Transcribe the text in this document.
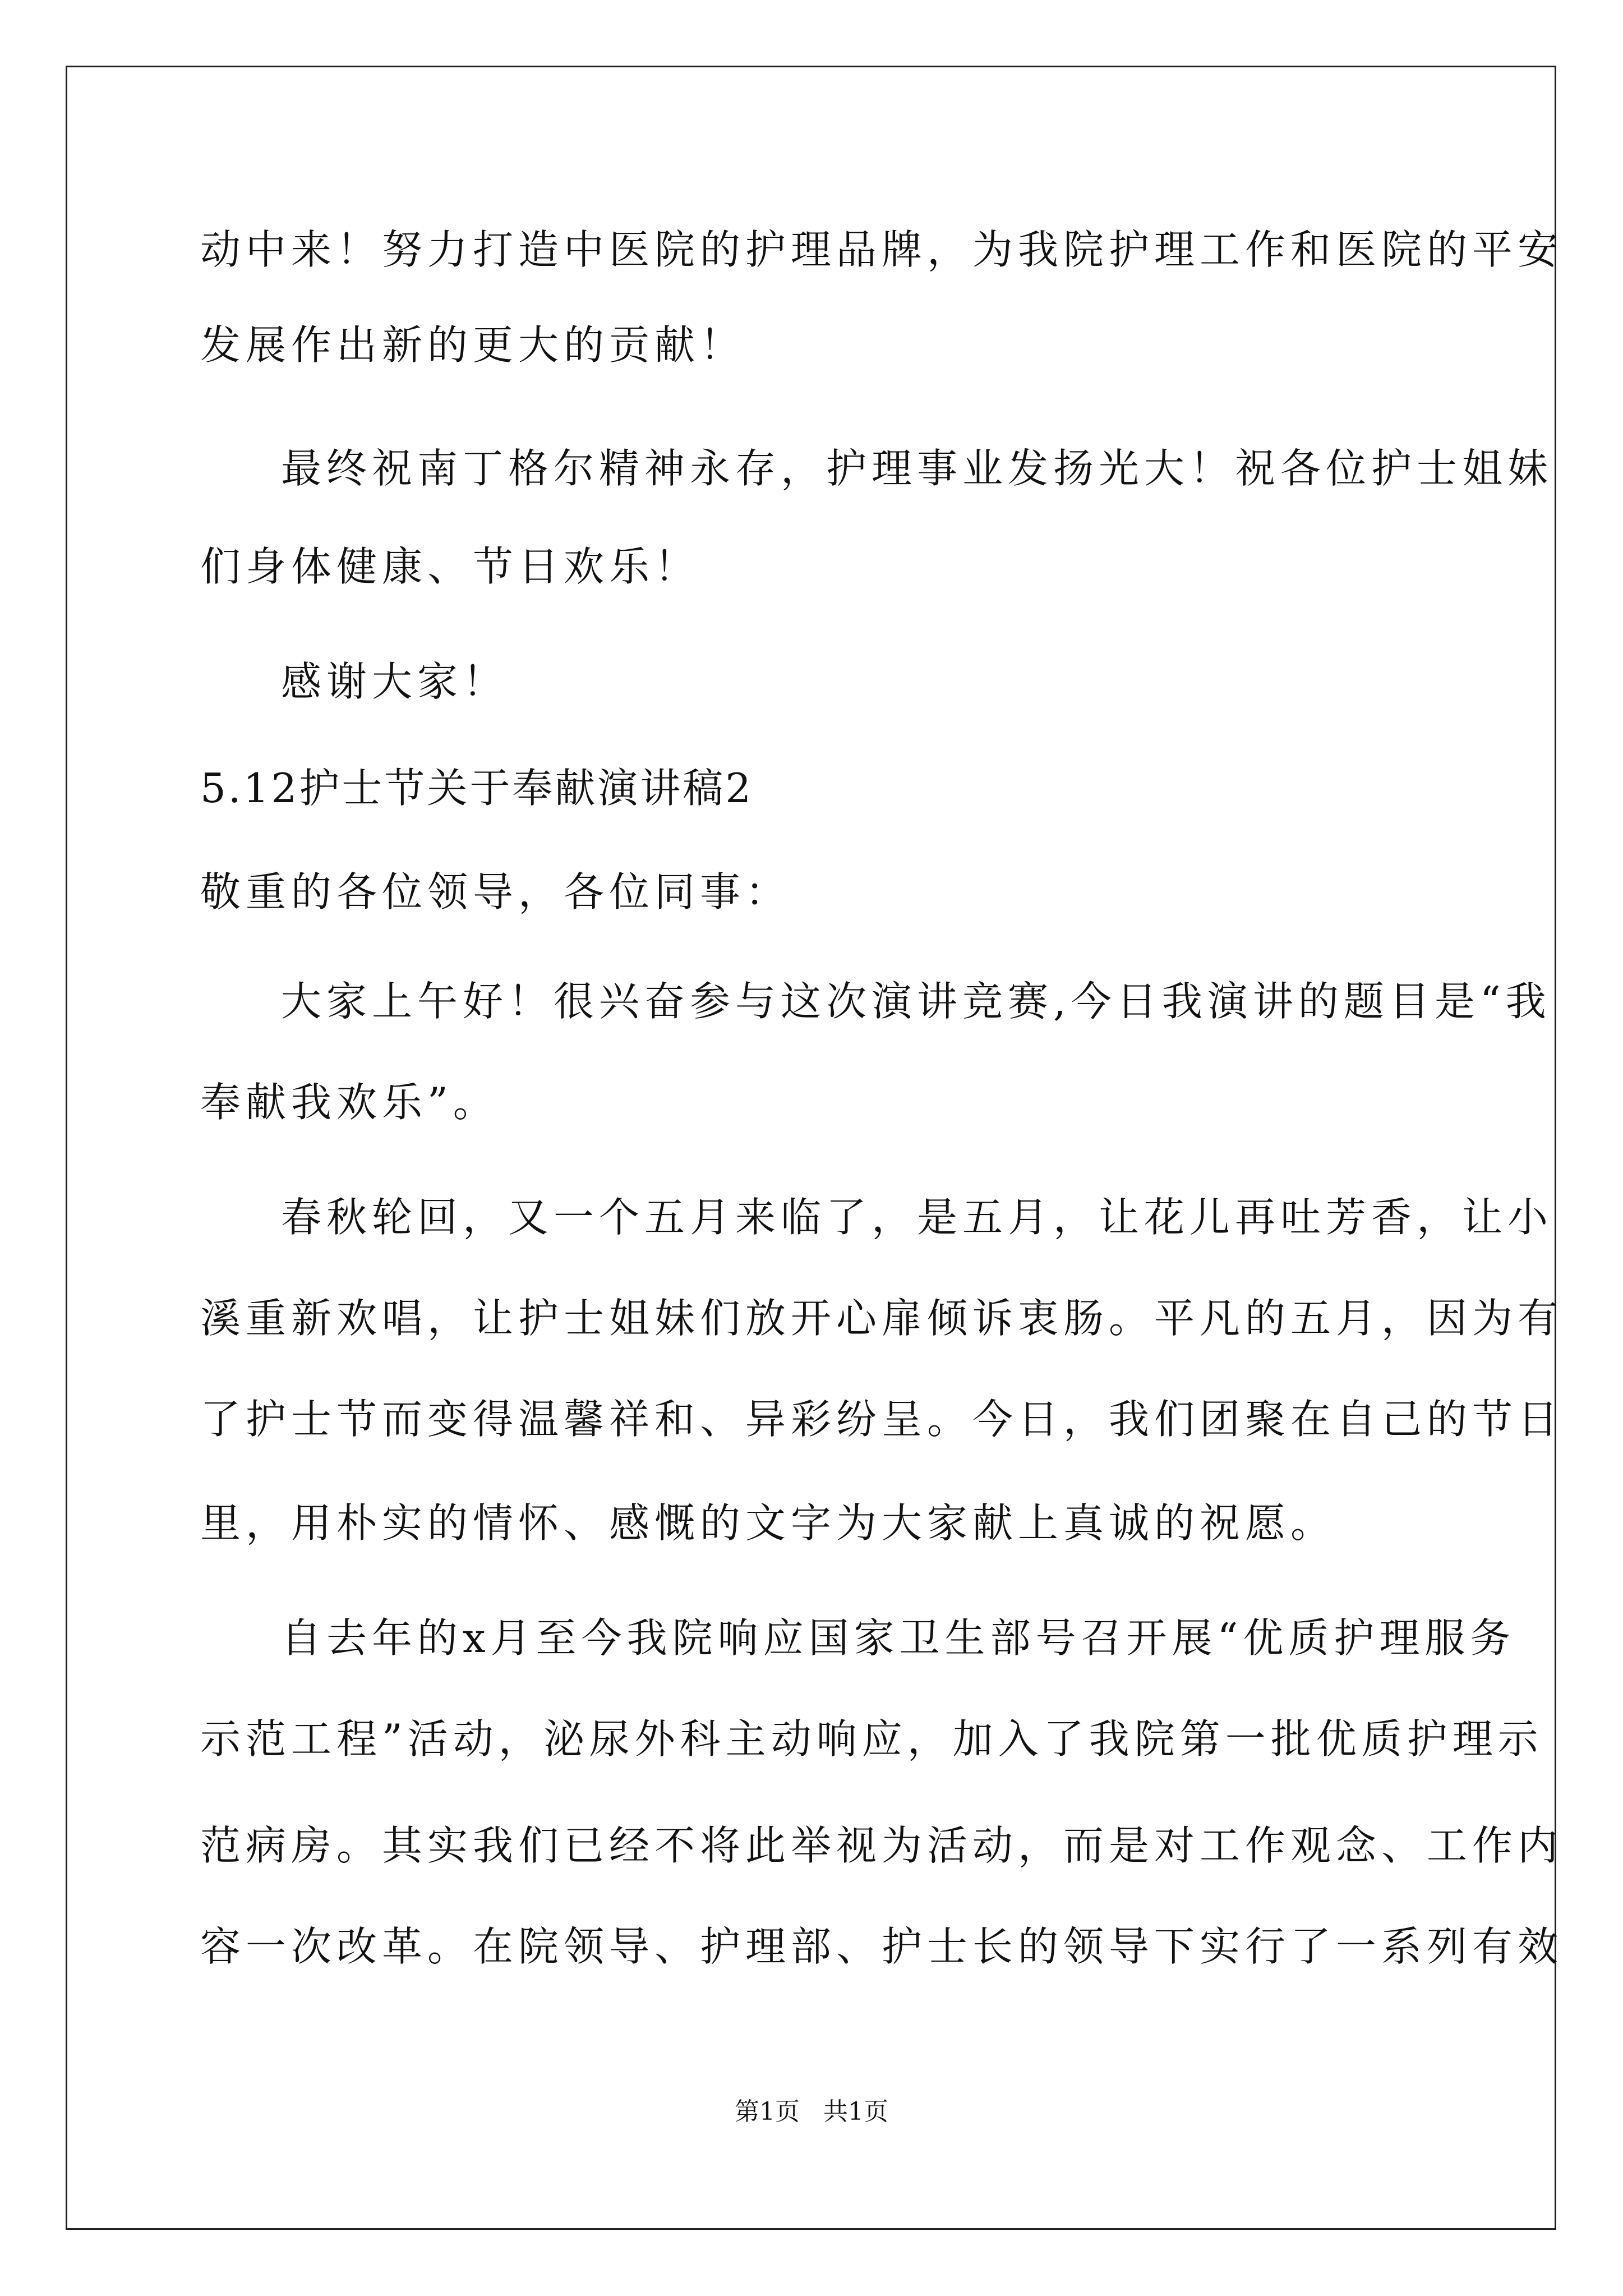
动中来！努力打造中医院的护理品牌，为我院护理工作和医院的平安
发展作出新的更大的贡献！
最终祝南丁格尔精神永存，护理事业发扬光大！祝各位护士姐妹
们身体健康、节日欢乐！
感谢大家！
5.12护士节关于奉献演讲稿2
敬重的各位领导，各位同事：
大家上午好！很兴奋参与这次演讲竞赛,今日我演讲的题目是“我
奉献我欢乐”。
春秋轮回，又一个五月来临了，是五月，让花儿再吐芳香，让小
溪重新欢唱，让护士姐妹们放开心扉倾诉衷肠。平凡的五月，因为有
了护士节而变得温馨祥和、异彩纷呈。今日，我们团聚在自己的节日
里，用朴实的情怀、感慨的文字为大家献上真诚的祝愿。
自去年的x月至今我院响应国家卫生部号召开展“优质护理服务
示范工程”活动，泌尿外科主动响应，加入了我院第一批优质护理示
范病房。其实我们已经不将此举视为活动，而是对工作观念、工作内
容一次改革。在院领导、护理部、护士长的领导下实行了一系列有效
第1页   共1页
